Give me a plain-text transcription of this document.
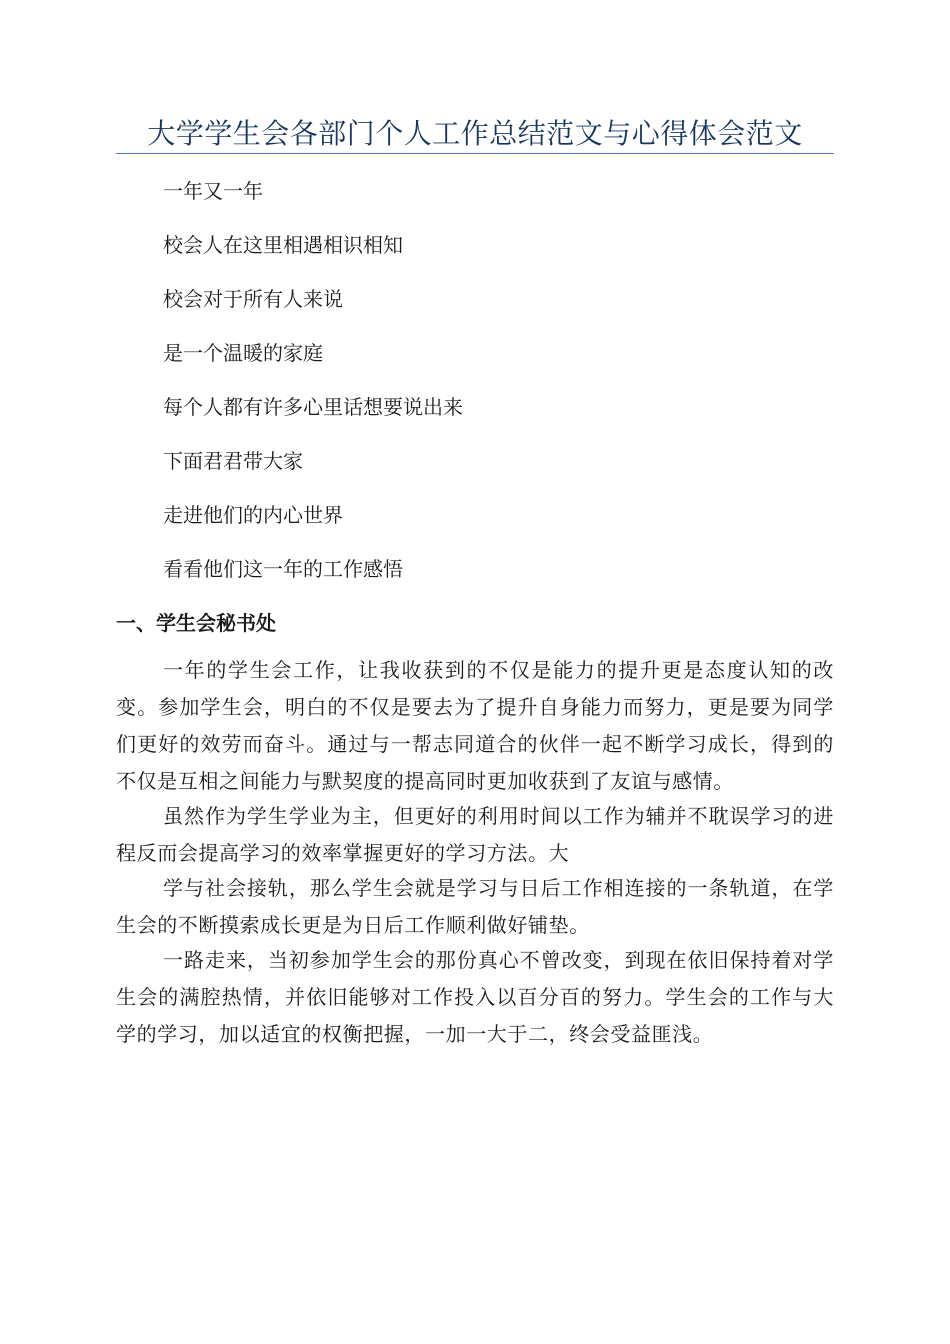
大学学生会各部门个人工作总结范文与心得体会范文

一年又一年

校会人在这里相遇相识相知

校会对于所有人来说

是一个温暖的家庭

每个人都有许多心里话想要说出来

下面君君带大家

走进他们的内心世界

看看他们这一年的工作感悟

一、学生会秘书处

一年的学生会工作，让我收获到的不仅是能力的提升更是态度认知的改变。参加学生会，明白的不仅是要去为了提升自身能力而努力，更是要为同学们更好的效劳而奋斗。通过与一帮志同道合的伙伴一起不断学习成长，得到的不仅是互相之间能力与默契度的提高同时更加收获到了友谊与感情。

虽然作为学生学业为主，但更好的利用时间以工作为辅并不耽误学习的进程反而会提高学习的效率掌握更好的学习方法。大

学与社会接轨，那么学生会就是学习与日后工作相连接的一条轨道，在学生会的不断摸索成长更是为日后工作顺利做好铺垫。

一路走来，当初参加学生会的那份真心不曾改变，到现在依旧保持着对学生会的满腔热情，并依旧能够对工作投入以百分百的努力。学生会的工作与大学的学习，加以适宜的权衡把握，一加一大于二，终会受益匪浅。
